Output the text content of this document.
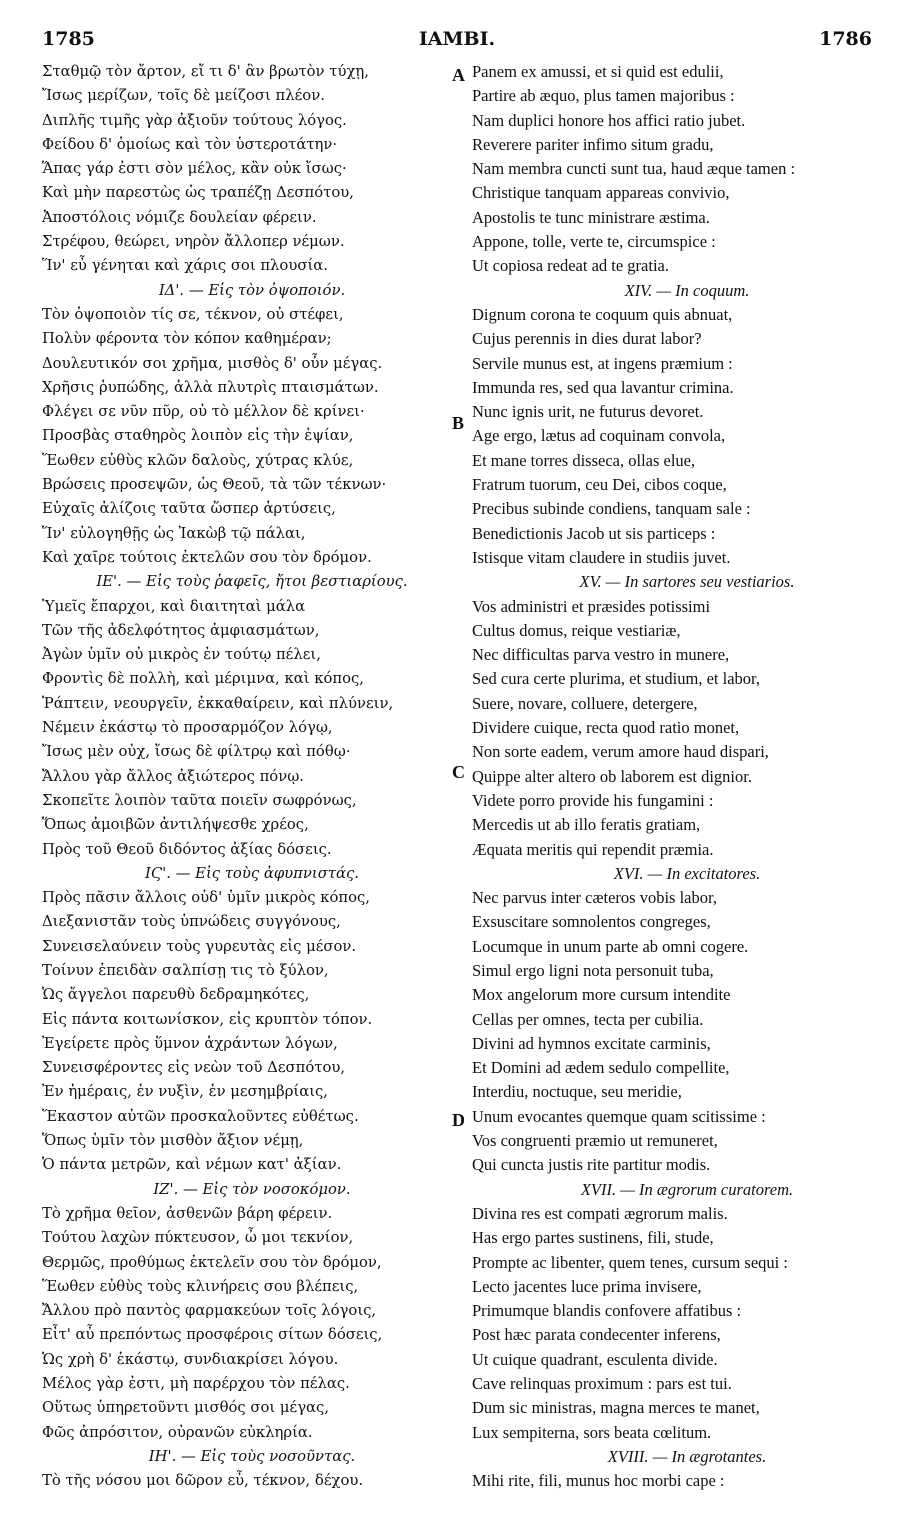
1785	IAMBI.	1786
Σταθμῷ τὸν ἄρτον, εἴ τι δ' ἂν βρωτὸν τύχῃ,
Ἴσως μερίζων, τοῖς δὲ μείζοσι πλέον.
Διπλῆς τιμῆς γὰρ ἀξιοῦν τούτους λόγος.
Φείδου δ' ὁμοίως καὶ τὸν ὑστεροτάτην·
Ἅπας γάρ ἐστι σὸν μέλος, κἂν οὐκ ἴσως·
Καὶ μὴν παρεστὼς ὡς τραπέζῃ Δεσπότου,
Ἀποστόλοις νόμιζε δουλείαν φέρειν.
Στρέφου, θεώρει, νηρὸν ἄλλοπερ νέμων.
Ἵν' εὖ γένηται καὶ χάρις σοι πλουσία.
ΙΔ'. — Εἰς τὸν ὀψοποιόν.
Τὸν ὀψοποιὸν τίς σε, τέκνον, οὐ στέφει,
Πολὺν φέροντα τὸν κόπον καθημέραν;
Δουλευτικόν σοι χρῆμα, μισθὸς δ' οὖν μέγας.
Χρῆσις ῥυπώδης, ἀλλὰ πλυτρὶς πταισμάτων.
Φλέγει σε νῦν πῦρ, οὐ τὸ μέλλον δὲ κρίνει·
Προσβὰς σταθηρὸς λοιπὸν εἰς τὴν ἑψίαν,
Ἕωθεν εὐθὺς κλῶν δαλοὺς, χύτρας κλύε,
Βρώσεις προσεψῶν, ὡς Θεοῦ, τὰ τῶν τέκνων·
Εὐχαῖς ἀλίζοις ταῦτα ὥσπερ ἀρτύσεις,
Ἵν' εὐλογηθῇς ὡς Ἰακὼβ τῷ πάλαι,
Καὶ χαῖρε τούτοις ἐκτελῶν σου τὸν δρόμον.
ΙΕ'. — Εἰς τοὺς ῥαφεῖς, ἤτοι βεστιαρίους.
Ὑμεῖς ἔπαρχοι, καὶ διαιτηταὶ μάλα
Τῶν τῆς ἀδελφότητος ἀμφιασμάτων,
Ἀγὼν ὑμῖν οὐ μικρὸς ἐν τούτῳ πέλει,
Φροντὶς δὲ πολλὴ, καὶ μέριμνα, καὶ κόπος,
Ῥάπτειν, νεουργεῖν, ἐκκαθαίρειν, καὶ πλύνειν,
Νέμειν ἑκάστῳ τὸ προσαρμόζον λόγῳ,
Ἴσως μὲν οὐχ, ἴσως δὲ φίλτρῳ καὶ πόθῳ·
Ἄλλου γὰρ ἄλλος ἀξιώτερος πόνῳ.
Σκοπεῖτε λοιπὸν ταῦτα ποιεῖν σωφρόνως,
Ὅπως ἀμοιβῶν ἀντιλήψεσθε χρέος,
Πρὸς τοῦ Θεοῦ διδόντος ἀξίας δόσεις.
ΙϚ'. — Εἰς τοὺς ἀφυπνιστάς.
Πρὸς πᾶσιν ἄλλοις οὐδ' ὑμῖν μικρὸς κόπος,
Διεξανιστᾶν τοὺς ὑπνώδεις συγγόνους,
Συνεισελαύνειν τοὺς γυρευτὰς εἰς μέσον.
Τοίνυν ἐπειδὰν σαλπίσῃ τις τὸ ξύλον,
Ὡς ἄγγελοι παρευθὺ δεδραμηκότες,
Εἰς πάντα κοιτωνίσκον, εἰς κρυπτὸν τόπον.
Ἐγείρετε πρὸς ὕμνον ἀχράντων λόγων,
Συνεισφέροντες εἰς νεὼν τοῦ Δεσπότου,
Ἐν ἡμέραις, ἐν νυξὶν, ἐν μεσημβρίαις,
Ἕκαστον αὐτῶν προσκαλοῦντες εὐθέτως.
Ὅπως ὑμῖν τὸν μισθὸν ἄξιον νέμῃ,
Ὁ πάντα μετρῶν, καὶ νέμων κατ' ἀξίαν.
ΙΖ'. — Εἰς τὸν νοσοκόμον.
Τὸ χρῆμα θεῖον, ἀσθενῶν βάρη φέρειν.
Τούτου λαχὼν πύκτευσον, ὦ μοι τεκνίον,
Θερμῶς, προθύμως ἐκτελεῖν σου τὸν δρόμον,
Ἕωθεν εὐθὺς τοὺς κλινήρεις σου βλέπεις,
Ἄλλου πρὸ παντὸς φαρμακεύων τοῖς λόγοις,
Εἶτ' αὖ πρεπόντως προσφέροις σίτων δόσεις,
Ὡς χρὴ δ' ἑκάστῳ, συνδιακρίσει λόγου.
Μέλος γὰρ ἐστι, μὴ παρέρχου τὸν πέλας.
Οὕτως ὑπηρετοῦντι μισθός σοι μέγας,
Φῶς ἀπρόσιτον, οὐρανῶν εὐκληρία.
ΙΗ'. — Εἰς τοὺς νοσοῦντας.
Τὸ τῆς νόσου μοι δῶρον εὖ, τέκνον, δέχου.
Panem ex amussi, et si quid est edulii,
Partire ab æquo, plus tamen majoribus :
Nam duplici honore hos affici ratio jubet.
Reverere pariter infimo situm gradu,
Nam membra cuncti sunt tua, haud æque tamen :
Christique tanquam appareas convivio,
Apostolis te tunc ministrare æstima.
Appone, tolle, verte te, circumspice :
Ut copiosa redeat ad te gratia.
XIV. — In coquum.
Dignum corona te coquum quis abnuat,
Cujus perennis in dies durat labor?
Servile munus est, at ingens præmium :
Immunda res, sed qua lavantur crimina.
Nunc ignis urit, ne futurus devoret.
Age ergo, lætus ad coquinam convola,
Et mane torres disseca, ollas elue,
Fratrum tuorum, ceu Dei, cibos coque,
Precibus subinde condiens, tanquam sale :
Benedictionis Jacob ut sis particeps :
Istisque vitam claudere in studiis juvet.
XV. — In sartores seu vestiarios.
Vos administri et præsides potissimi
Cultus domus, reique vestiariæ,
Nec difficultas parva vestro in munere,
Sed cura certe plurima, et studium, et labor,
Suere, novare, colluere, detergere,
Dividere cuique, recta quod ratio monet,
Non sorte eadem, verum amore haud dispari,
Quippe alter altero ob laborem est dignior.
Videte porro provide his fungamini :
Mercedis ut ab illo feratis gratiam,
Æquata meritis qui rependit præmia.
XVI. — In excitatores.
Nec parvus inter cæteros vobis labor,
Exsuscitare somnolentos congreges,
Locumque in unum parte ab omni cogere.
Simul ergo ligni nota personuit tuba,
Mox angelorum more cursum intendite
Cellas per omnes, tecta per cubilia.
Divini ad hymnos excitate carminis,
Et Domini ad ædem sedulo compellite,
Interdiu, noctuque, seu meridie,
Unum evocantes quemque quam scitissime :
Vos congruenti præmio ut remuneret,
Qui cuncta justis rite partitur modis.
XVII. — In ægrorum curatorem.
Divina res est compati ægrorum malis.
Has ergo partes sustinens, fili, stude,
Prompte ac libenter, quem tenes, cursum sequi :
Lecto jacentes luce prima invisere,
Primumque blandis confovere affatibus :
Post hæc parata condecenter inferens,
Ut cuique quadrant, esculenta divide.
Cave relinquas proximum : pars est tui.
Dum sic ministras, magna merces te manet,
Lux sempiterna, sors beata cœlitum.
XVIII. — In ægrotantes.
Mihi rite, fili, munus hoc morbi cape :
A
B
C
D
